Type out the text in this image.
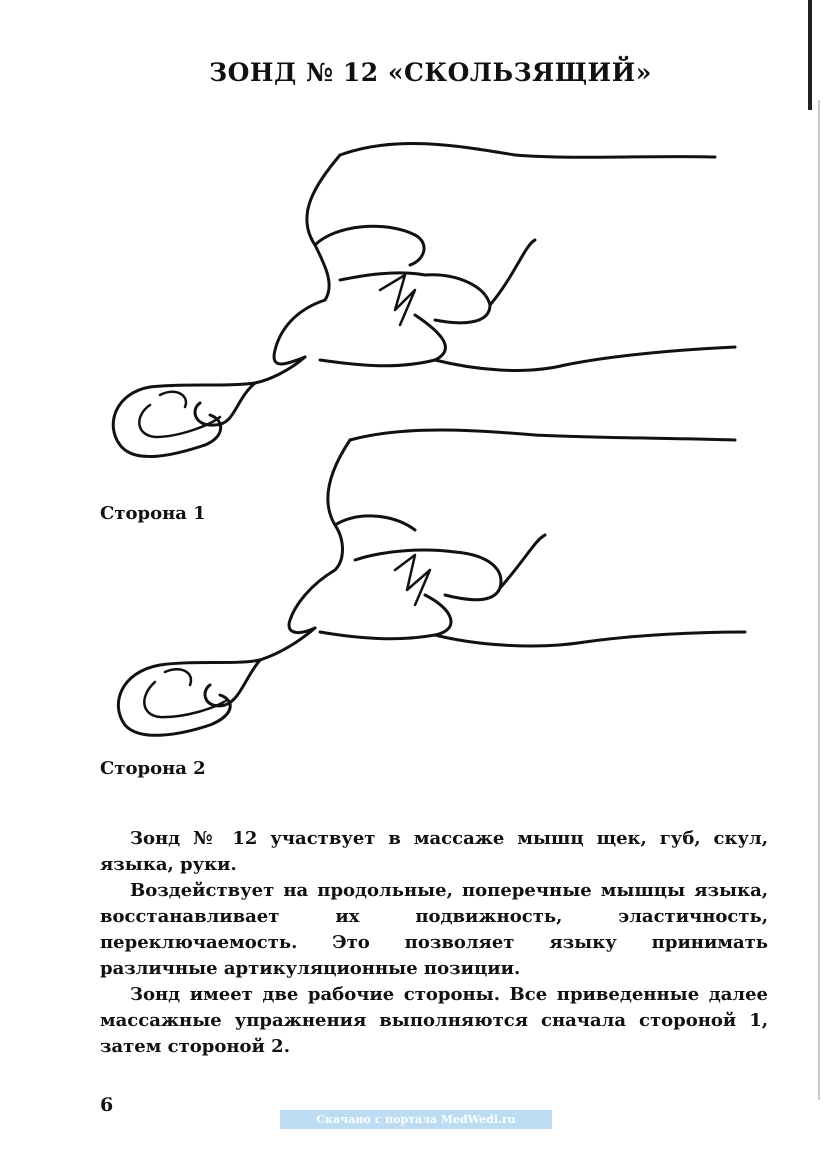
ЗОНД № 12 «СКОЛЬЗЯЩИЙ»
Сторона 1
Сторона 2

Зонд № 12 участвует в массаже мышц щек, губ, скул, языка, руки.

Воздействует на продольные, поперечные мышцы языка, восстанавливает их подвижность, эластичность, переключаемость. Это позволяет языку принимать различные артикуляционные позиции.

Зонд имеет две рабочие стороны. Все приведенные далее массажные упражнения выполняются сначала стороной 1, затем стороной 2.

6
Скачано с портала MedWedi.ru
